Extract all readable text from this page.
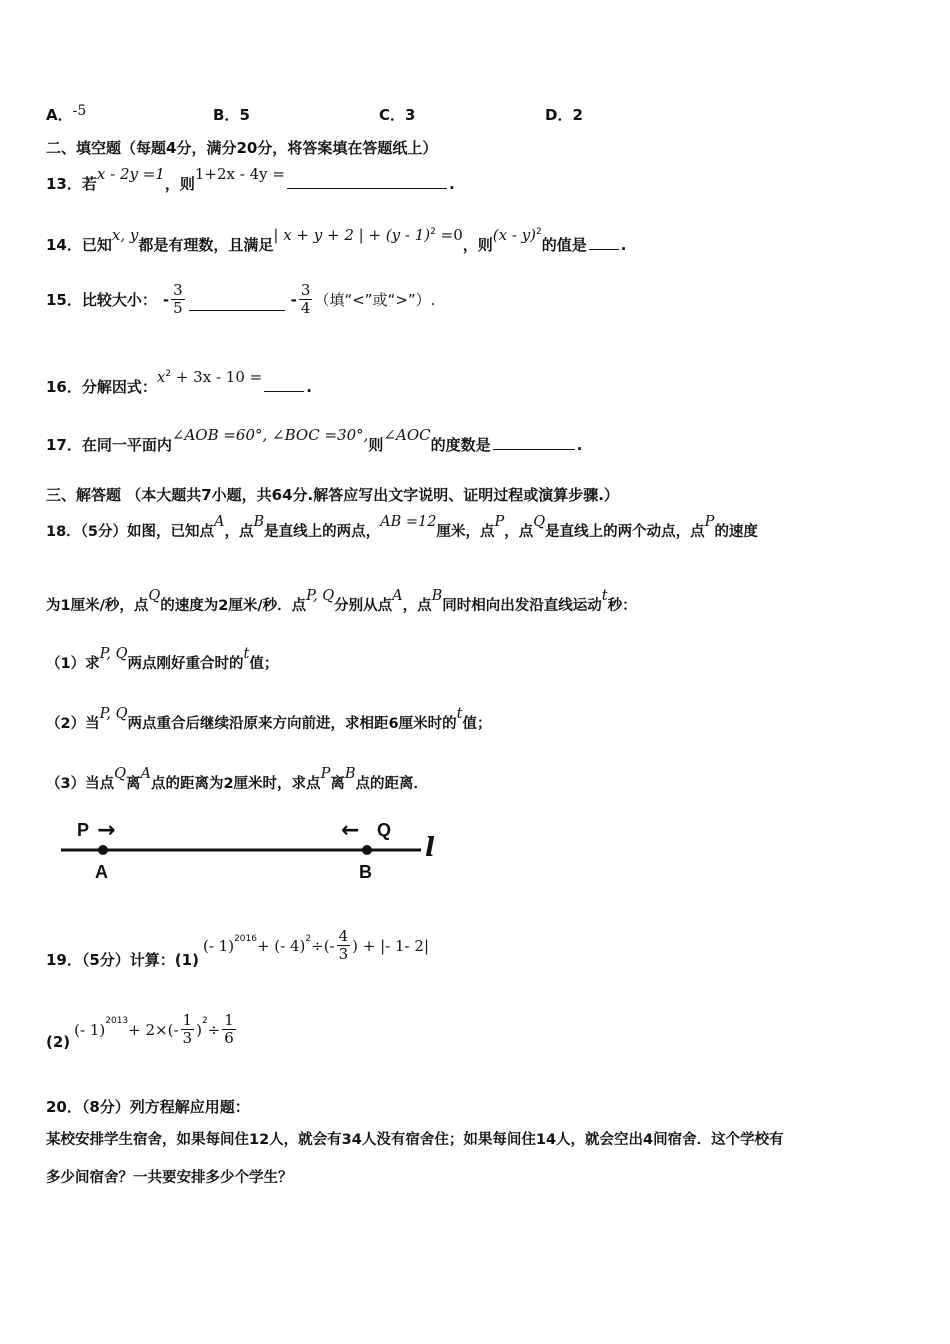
A．-5	B．5	C．3	D．2
二、填空题（每题4分，满分20分，将答案填在答题纸上）
13．若x - 2y =1，则1+2x - 4y =.
14．已知x, y都是有理数，且满足| x + y + 2 | + (y - 1)$^2$ =0，则(x - y)$^2$的值是 .
15．比较大小： - $\frac{3}{5}$	- $\frac{3}{4}$ （填“<”或“>”）.
16．分解因式：$x^2 + 3x - 10$ =.
17．在同一平面内∠AOB =60°, ∠BOC =30°,则∠AOC的度数是	.
三、解答题 （本大题共7小题，共64分.解答应写出文字说明、证明过程或演算步骤.）
18．（5分）如图，已知点A，点B是直线上的两点，AB =12厘米，点P，点Q是直线上的两个动点，点P的速度
为1厘米/秒，点Q的速度为2厘米/秒．点P, Q分别从点A，点B同时相向出发沿直线运动t秒：
（1）求P, Q两点刚好重合时的t值；
（2）当P, Q两点重合后继续沿原来方向前进，求相距6厘米时的t值；
（3）当点Q离A点的距离为2厘米时，求点P离B点的距离．
P →	← Q
A	B
l
19．（5分）计算：(1)
(- 1)$^{2016}$ + (- 4)$^2$ ÷(- $\frac{4}{3}$ ) + |- 1- 2|
(2)
(- $1)^{2013} + 2\times(- \frac{1}{3} )^2 \div \frac{1}{6}$
20．（8分）列方程解应用题：
某校安排学生宿舍，如果每间住12人，就会有34人没有宿舍住；如果每间住14人，就会空出4间宿舍．这个学校有
多少间宿舍？一共要安排多少个学生？
